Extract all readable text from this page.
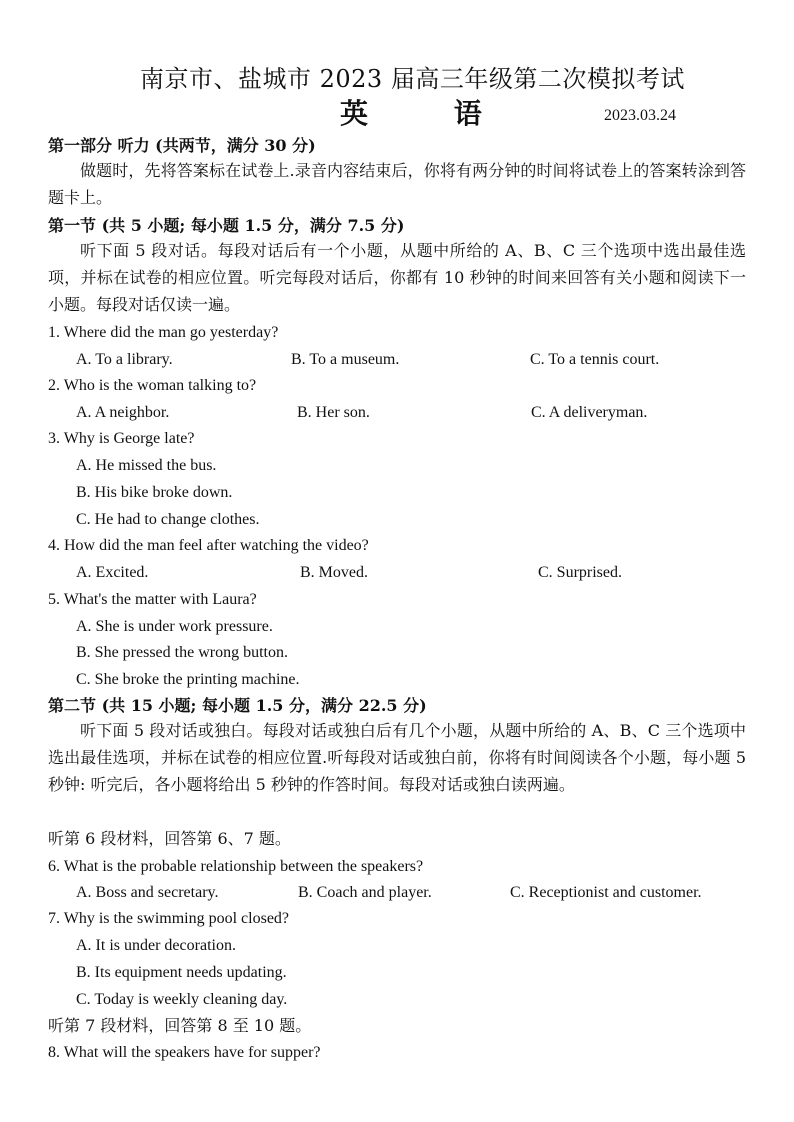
南京市、盐城市 2023 届高三年级第二次模拟考试
英 语	2023.03.24
第一部分 听力 (共两节，满分 30 分)
做题时，先将答案标在试卷上.录音内容结束后，你将有两分钟的时间将试卷上的答案转涂到答题卡上。
第一节 (共 5 小题; 每小题 1.5 分，满分 7.5 分)
听下面 5 段对话。每段对话后有一个小题，从题中所给的 A、B、C 三个选项中选出最佳选项，并标在试卷的相应位置。听完每段对话后，你都有 10 秒钟的时间来回答有关小题和阅读下一小题。每段对话仅读一遍。
1. Where did the man go yesterday?
A. To a library.	B. To a museum.	C. To a tennis court.
2. Who is the woman talking to?
A. A neighbor.	B. Her son.	C. A deliveryman.
3. Why is George late?
A. He missed the bus.
B. His bike broke down.
C. He had to change clothes.
4. How did the man feel after watching the video?
A. Excited.	B. Moved.	C. Surprised.
5. What's the matter with Laura?
A. She is under work pressure.
B. She pressed the wrong button.
C. She broke the printing machine.
第二节 (共 15 小题; 每小题 1.5 分，满分 22.5 分)
听下面 5 段对话或独白。每段对话或独白后有几个小题，从题中所给的 A、B、C 三个选项中选出最佳选项，并标在试卷的相应位置.听每段对话或独白前，你将有时间阅读各个小题，每小题 5 秒钟: 听完后，各小题将给出 5 秒钟的作答时间。每段对话或独白读两遍。
听第 6 段材料，回答第 6、7 题。
6. What is the probable relationship between the speakers?
A. Boss and secretary.	B. Coach and player.	C. Receptionist and customer.
7. Why is the swimming pool closed?
A. It is under decoration.
B. Its equipment needs updating.
C. Today is weekly cleaning day.
听第 7 段材料，回答第 8 至 10 题。
8. What will the speakers have for supper?
